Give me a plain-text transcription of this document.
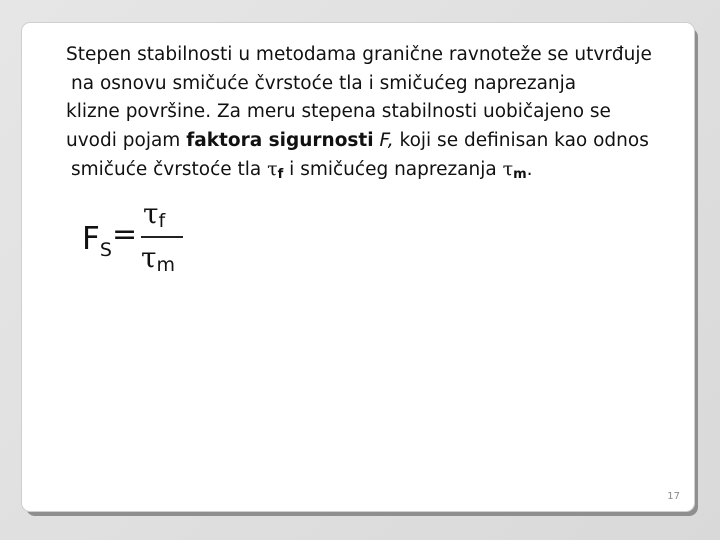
Stepen stabilnosti u metodama granične ravnoteže se utvrđuje
na osnovu smičuće čvrstoće tla i smičućeg naprezanja
klizne površine. Za meru stepena stabilnosti uobičajeno se
uvodi pojam faktora sigurnosti F, koji se definisan kao odnos
smičuće čvrstoće tla $\tau_f$ i smičućeg naprezanja $\tau_m$.

$F_S$ =
τf
τm
17
